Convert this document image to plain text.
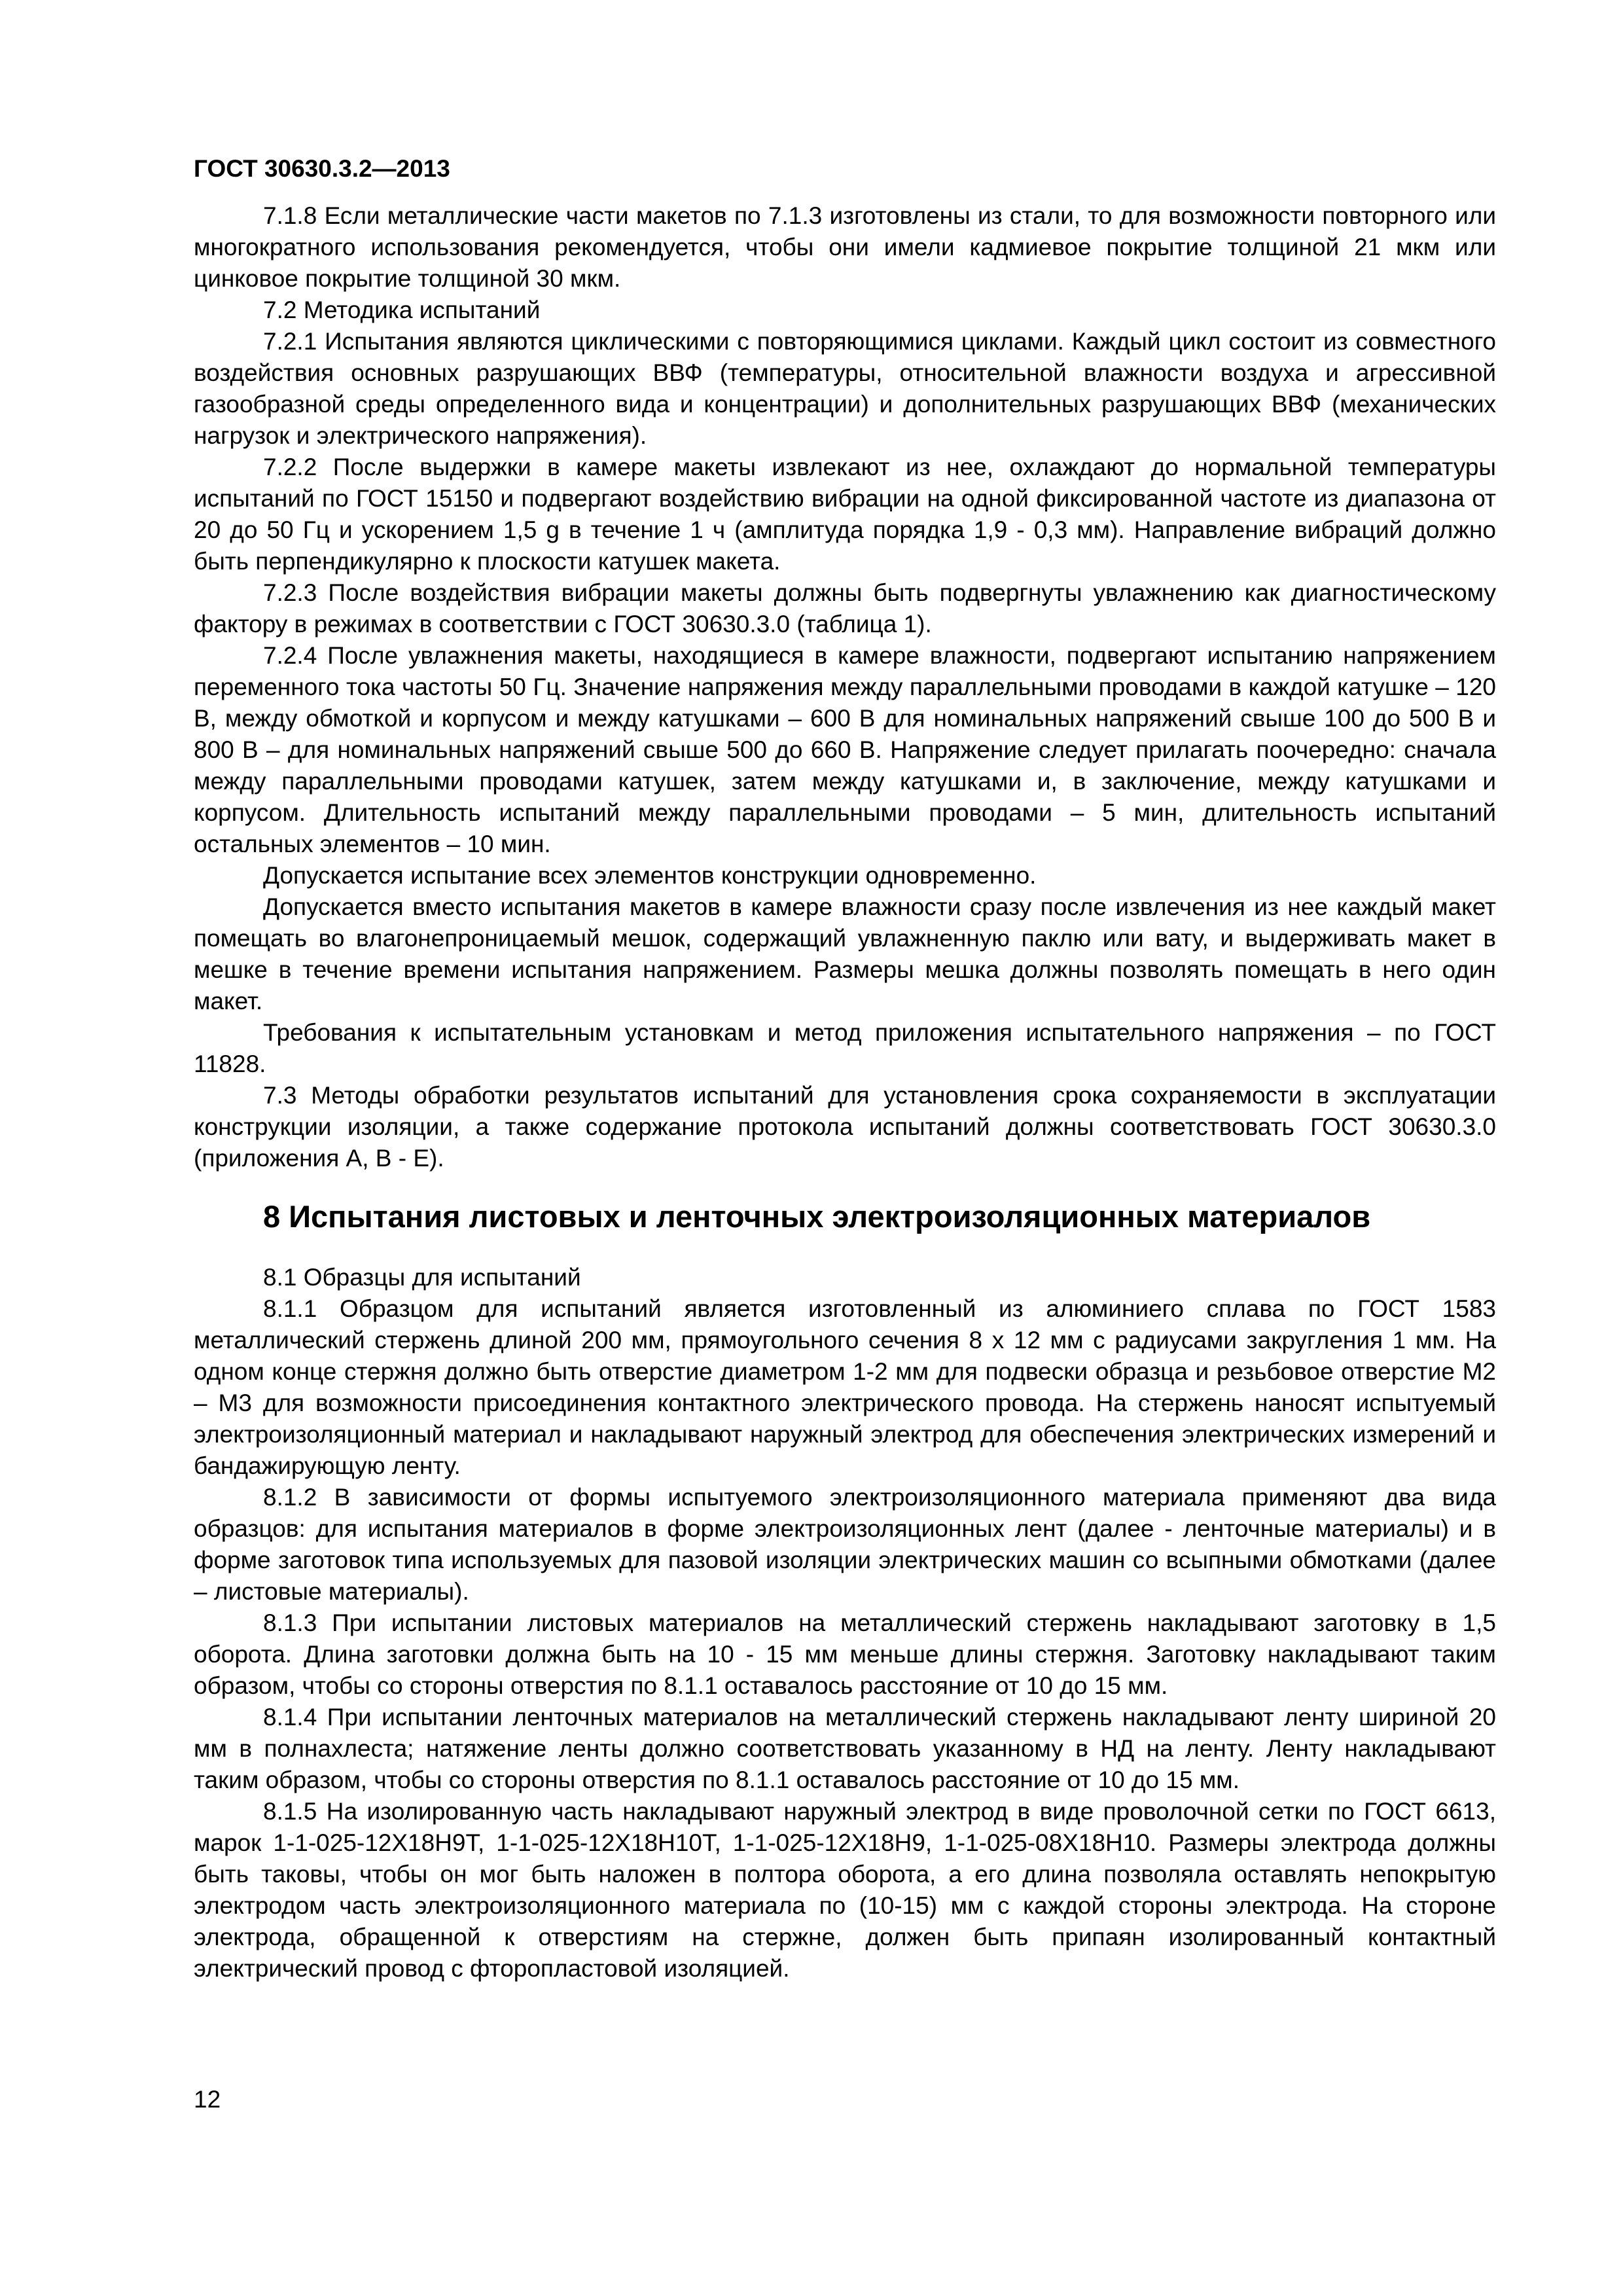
ГОСТ 30630.3.2—2013

7.1.8 Если металлические части макетов по 7.1.3 изготовлены из стали, то для возможности повторного или многократного использования рекомендуется, чтобы они имели кадмиевое покрытие толщиной 21 мкм или цинковое покрытие толщиной 30 мкм.

7.2 Методика испытаний

7.2.1 Испытания являются циклическими с повторяющимися циклами. Каждый цикл состоит из совместного воздействия основных разрушающих ВВФ (температуры, относительной влажности воздуха и агрессивной газообразной среды определенного вида и концентрации) и дополнительных разрушающих ВВФ (механических нагрузок и электрического напряжения).

7.2.2 После выдержки в камере макеты извлекают из нее, охлаждают до нормальной температуры испытаний по ГОСТ 15150 и подвергают воздействию вибрации на одной фиксированной частоте из диапазона от 20 до 50 Гц и ускорением 1,5 g в течение 1 ч (амплитуда порядка 1,9 - 0,3 мм). Направление вибраций должно быть перпендикулярно к плоскости катушек макета.

7.2.3 После воздействия вибрации макеты должны быть подвергнуты увлажнению как диагностическому фактору в режимах в соответствии с ГОСТ 30630.3.0 (таблица 1).

7.2.4 После увлажнения макеты, находящиеся в камере влажности, подвергают испытанию напряжением переменного тока частоты 50 Гц. Значение напряжения между параллельными проводами в каждой катушке – 120 В, между обмоткой и корпусом и между катушками – 600 В для номинальных напряжений свыше 100 до 500 В и 800 В – для номинальных напряжений свыше 500 до 660 В. Напряжение следует прилагать поочередно: сначала между параллельными проводами катушек, затем между катушками и, в заключение, между катушками и корпусом. Длительность испытаний между параллельными проводами – 5 мин, длительность испытаний остальных элементов – 10 мин.

Допускается испытание всех элементов конструкции одновременно.

Допускается вместо испытания макетов в камере влажности сразу после извлечения из нее каждый макет помещать во влагонепроницаемый мешок, содержащий увлажненную паклю или вату, и выдерживать макет в мешке в течение времени испытания напряжением. Размеры мешка должны позволять помещать в него один макет.

Требования к испытательным установкам и метод приложения испытательного напряжения – по ГОСТ 11828.

7.3 Методы обработки результатов испытаний для установления срока сохраняемости в эксплуатации конструкции изоляции, а также содержание протокола испытаний должны соответствовать ГОСТ 30630.3.0 (приложения А, В - Е).

8 Испытания листовых и ленточных электроизоляционных материалов

8.1 Образцы для испытаний

8.1.1 Образцом для испытаний является изготовленный из алюминиего сплава по ГОСТ 1583 металлический стержень длиной 200 мм, прямоугольного сечения 8 х 12 мм с радиусами закругления 1 мм. На одном конце стержня должно быть отверстие диаметром 1-2 мм для подвески образца и резьбовое отверстие М2 – М3 для возможности присоединения контактного электрического провода. На стержень наносят испытуемый электроизоляционный материал и накладывают наружный электрод для обеспечения электрических измерений и бандажирующую ленту.

8.1.2 В зависимости от формы испытуемого электроизоляционного материала применяют два вида образцов: для испытания материалов в форме электроизоляционных лент (далее - ленточные материалы) и в форме заготовок типа используемых для пазовой изоляции электрических машин со всыпными обмотками (далее – листовые материалы).

8.1.3 При испытании листовых материалов на металлический стержень накладывают заготовку в 1,5 оборота. Длина заготовки должна быть на 10 - 15 мм меньше длины стержня. Заготовку накладывают таким образом, чтобы со стороны отверстия по 8.1.1 оставалось расстояние от 10 до 15 мм.

8.1.4 При испытании ленточных материалов на металлический стержень накладывают ленту шириной 20 мм в полнахлеста; натяжение ленты должно соответствовать указанному в НД на ленту. Ленту накладывают таким образом, чтобы со стороны отверстия по 8.1.1 оставалось расстояние от 10 до 15 мм.

8.1.5 На изолированную часть накладывают наружный электрод в виде проволочной сетки по ГОСТ 6613, марок 1-1-025-12Х18Н9Т, 1-1-025-12Х18Н10Т, 1-1-025-12Х18Н9, 1-1-025-08Х18Н10. Размеры электрода должны быть таковы, чтобы он мог быть наложен в полтора оборота, а его длина позволяла оставлять непокрытую электродом часть электроизоляционного материала по (10-15) мм с каждой стороны электрода. На стороне электрода, обращенной к отверстиям на стержне, должен быть припаян изолированный контактный электрический провод с фторопластовой изоляцией.

12
